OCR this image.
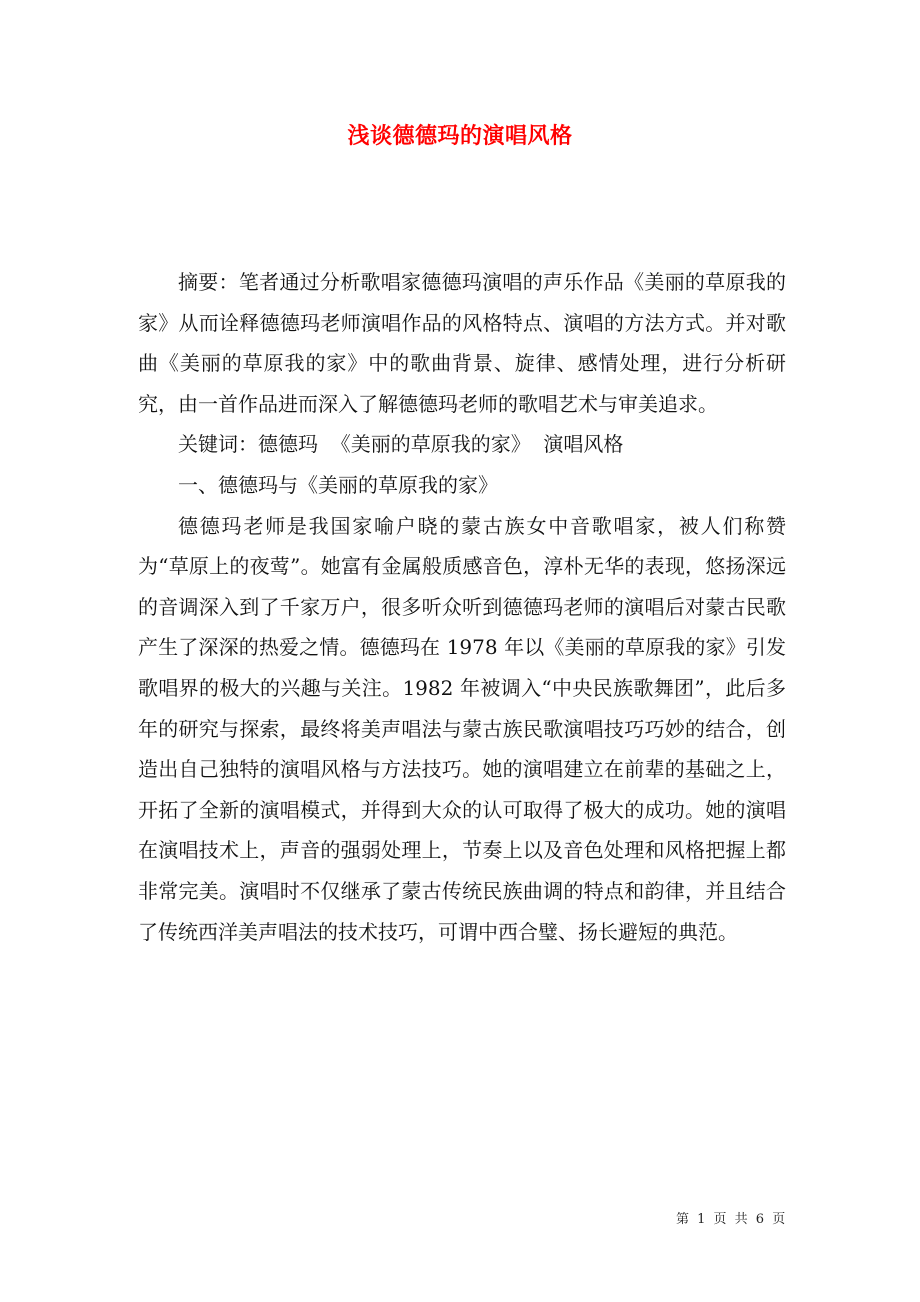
浅谈德德玛的演唱风格

摘要：笔者通过分析歌唱家德德玛演唱的声乐作品《美丽的草原我的家》从而诠释德德玛老师演唱作品的风格特点、演唱的方法方式。并对歌曲《美丽的草原我的家》中的歌曲背景、旋律、感情处理，进行分析研究，由一首作品进而深入了解德德玛老师的歌唱艺术与审美追求。

关键词：德德玛  《美丽的草原我的家》  演唱风格

一、德德玛与《美丽的草原我的家》

德德玛老师是我国家喻户晓的蒙古族女中音歌唱家，被人们称赞为“草原上的夜莺”。她富有金属般质感音色，淳朴无华的表现，悠扬深远的音调深入到了千家万户，很多听众听到德德玛老师的演唱后对蒙古民歌产生了深深的热爱之情。德德玛在 1978 年以《美丽的草原我的家》引发歌唱界的极大的兴趣与关注。1982 年被调入“中央民族歌舞团”，此后多年的研究与探索，最终将美声唱法与蒙古族民歌演唱技巧巧妙的结合，创造出自己独特的演唱风格与方法技巧。她的演唱建立在前辈的基础之上，开拓了全新的演唱模式，并得到大众的认可取得了极大的成功。她的演唱在演唱技术上，声音的强弱处理上，节奏上以及音色处理和风格把握上都非常完美。演唱时不仅继承了蒙古传统民族曲调的特点和韵律，并且结合了传统西洋美声唱法的技术技巧，可谓中西合璧、扬长避短的典范。

第 1 页 共 6 页
